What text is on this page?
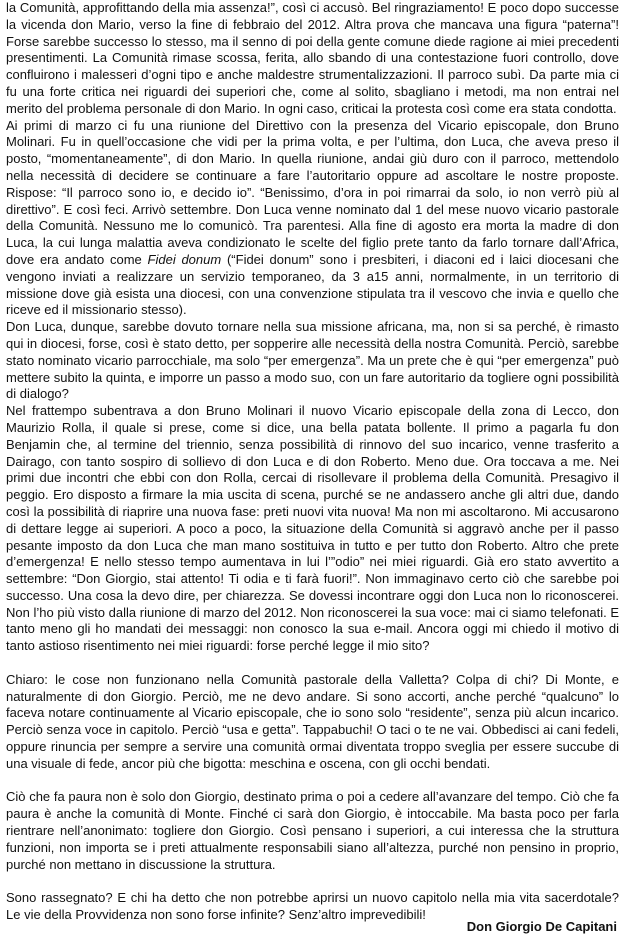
la Comunità, approfittando della mia assenza!”, così ci accusò. Bel ringraziamento! E poco dopo successe la vicenda don Mario, verso la fine di febbraio del 2012. Altra prova che mancava una figura “paterna”! Forse sarebbe successo lo stesso, ma il senno di poi della gente comune diede ragione ai miei precedenti presentimenti. La Comunità rimase scossa, ferita, allo sbando di una contestazione fuori controllo, dove confluirono i malesseri d’ogni tipo e anche maldestre strumentalizzazioni. Il parroco subì. Da parte mia ci fu una forte critica nei riguardi dei superiori che, come al solito, sbagliano i metodi, ma non entrai nel merito del problema personale di don Mario. In ogni caso, criticai la protesta così come era stata condotta.

Ai primi di marzo ci fu una riunione del Direttivo con la presenza del Vicario episcopale, don Bruno Molinari. Fu in quell’occasione che vidi per la prima volta, e per l’ultima, don Luca, che aveva preso il posto, “momentaneamente”, di don Mario. In quella riunione, andai giù duro con il parroco, mettendolo nella necessità di decidere se continuare a fare l’autoritario oppure ad ascoltare le nostre proposte. Rispose: “Il parroco sono io, e decido io”. “Benissimo, d’ora in poi rimarrai da solo, io non verrò più al direttivo”. E così feci. Arrivò settembre. Don Luca venne nominato dal 1 del mese nuovo vicario pastorale della Comunità. Nessuno me lo comunicò. Tra parentesi. Alla fine di agosto era morta la madre di don Luca, la cui lunga malattia aveva condizionato le scelte del figlio prete tanto da farlo tornare dall’Africa, dove era andato come Fidei donum (“Fidei donum” sono i presbiteri, i diaconi ed i laici diocesani che vengono inviati a realizzare un servizio temporaneo, da 3 a15 anni, normalmente, in un territorio di missione dove già esista una diocesi, con una convenzione stipulata tra il vescovo che invia e quello che riceve ed il missionario stesso).

Don Luca, dunque, sarebbe dovuto tornare nella sua missione africana, ma, non si sa perché, è rimasto qui in diocesi, forse, così è stato detto, per sopperire alle necessità della nostra Comunità. Perciò, sarebbe stato nominato vicario parrocchiale, ma solo “per emergenza”. Ma un prete che è qui “per emergenza” può mettere subito la quinta, e imporre un passo a modo suo, con un fare autoritario da togliere ogni possibilità di dialogo?

Nel frattempo subentrava a don Bruno Molinari il nuovo Vicario episcopale della zona di Lecco, don Maurizio Rolla, il quale si prese, come si dice, una bella patata bollente. Il primo a pagarla fu don Benjamin che, al termine del triennio, senza possibilità di rinnovo del suo incarico, venne trasferito a Dairago, con tanto sospiro di sollievo di don Luca e di don Roberto. Meno due. Ora toccava a me. Nei primi due incontri che ebbi con don Rolla, cercai di risollevare il problema della Comunità. Presagivo il peggio. Ero disposto a firmare la mia uscita di scena, purché se ne andassero anche gli altri due, dando così la possibilità di riaprire una nuova fase: preti nuovi vita nuova! Ma non mi ascoltarono. Mi accusarono di dettare legge ai superiori. A poco a poco, la situazione della Comunità si aggravò anche per il passo pesante imposto da don Luca che man mano sostituiva in tutto e per tutto don Roberto. Altro che prete d’emergenza! E nello stesso tempo aumentava in lui l’”odio” nei miei riguardi. Già ero stato avvertito a settembre: “Don Giorgio, stai attento! Ti odia e ti farà fuori!”. Non immaginavo certo ciò che sarebbe poi successo. Una cosa la devo dire, per chiarezza. Se dovessi incontrare oggi don Luca non lo riconoscerei. Non l’ho più visto dalla riunione di marzo del 2012. Non riconoscerei la sua voce: mai ci siamo telefonati. E tanto meno gli ho mandati dei messaggi: non conosco la sua e-mail. Ancora oggi mi chiedo il motivo di tanto astioso risentimento nei miei riguardi: forse perché legge il mio sito?

Chiaro: le cose non funzionano nella Comunità pastorale della Valletta? Colpa di chi? Di Monte, e naturalmente di don Giorgio. Perciò, me ne devo andare. Si sono accorti, anche perché “qualcuno” lo faceva notare continuamente al Vicario episcopale, che io sono solo “residente”, senza più alcun incarico. Perciò senza voce in capitolo. Perciò “usa e getta”. Tappabuchi! O taci o te ne vai. Obbedisci ai cani fedeli, oppure rinuncia per sempre a servire una comunità ormai diventata troppo sveglia per essere succube di una visuale di fede, ancor più che bigotta: meschina e oscena, con gli occhi bendati.

Ciò che fa paura non è solo don Giorgio, destinato prima o poi a cedere all’avanzare del tempo. Ciò che fa paura è anche la comunità di Monte. Finché ci sarà don Giorgio, è intoccabile. Ma basta poco per farla rientrare nell’anonimato: togliere don Giorgio. Così pensano i superiori, a cui interessa che la struttura funzioni, non importa se i preti attualmente responsabili siano all’altezza, purché non pensino in proprio, purché non mettano in discussione la struttura.

Sono rassegnato? E chi ha detto che non potrebbe aprirsi un nuovo capitolo nella mia vita sacerdotale? Le vie della Provvidenza non sono forse infinite? Senz’altro imprevedibili!

Don Giorgio De Capitani
